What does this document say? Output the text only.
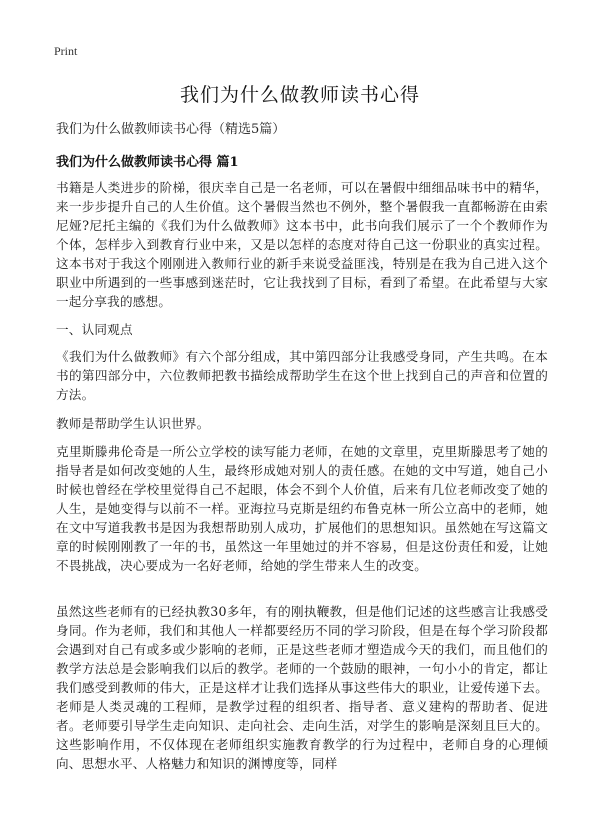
Print
我们为什么做教师读书心得
我们为什么做教师读书心得（精选5篇）
我们为什么做教师读书心得 篇1

书籍是人类进步的阶梯，很庆幸自己是一名老师，可以在暑假中细细品味书中的精华，来一步步提升自己的人生价值。这个暑假当然也不例外，整个暑假我一直都畅游在由索尼娅?尼托主编的《我们为什么做教师》这本书中，此书向我们展示了一个个教师作为个体，怎样步入到教育行业中来，又是以怎样的态度对待自己这一份职业的真实过程。这本书对于我这个刚刚进入教师行业的新手来说受益匪浅，特别是在我为自己进入这个职业中所遇到的一些事感到迷茫时，它让我找到了目标，看到了希望。在此希望与大家一起分享我的感想。

一、认同观点

《我们为什么做教师》有六个部分组成，其中第四部分让我感受身同，产生共鸣。在本书的第四部分中，六位教师把教书描绘成帮助学生在这个世上找到自己的声音和位置的方法。

教师是帮助学生认识世界。

克里斯滕弗伦奇是一所公立学校的读写能力老师，在她的文章里，克里斯滕思考了她的指导者是如何改变她的人生，最终形成她对别人的责任感。在她的文中写道，她自己小时候也曾经在学校里觉得自己不起眼，体会不到个人价值，后来有几位老师改变了她的人生，是她变得与以前不一样。亚海拉马克斯是纽约布鲁克林一所公立高中的老师，她在文中写道我教书是因为我想帮助别人成功，扩展他们的思想知识。虽然她在写这篇文章的时候刚刚教了一年的书，虽然这一年里她过的并不容易，但是这份责任和爱，让她不畏挑战，决心要成为一名好老师，给她的学生带来人生的改变。

虽然这些老师有的已经执教30多年，有的刚执鞭教，但是他们记述的这些感言让我感受身同。作为老师，我们和其他人一样都要经历不同的学习阶段，但是在每个学习阶段都会遇到对自己有或多或少影响的老师，正是这些老师才塑造成今天的我们，而且他们的教学方法总是会影响我们以后的教学。老师的一个鼓励的眼神，一句小小的肯定，都让我们感受到教师的伟大，正是这样才让我们选择从事这些伟大的职业，让爱传递下去。老师是人类灵魂的工程师，是教学过程的组织者、指导者、意义建构的帮助者、促进者。老师要引导学生走向知识、走向社会、走向生活，对学生的影响是深刻且巨大的。这些影响作用，不仅体现在老师组织实施教育教学的行为过程中，老师自身的心理倾向、思想水平、人格魅力和知识的渊博度等，同样
